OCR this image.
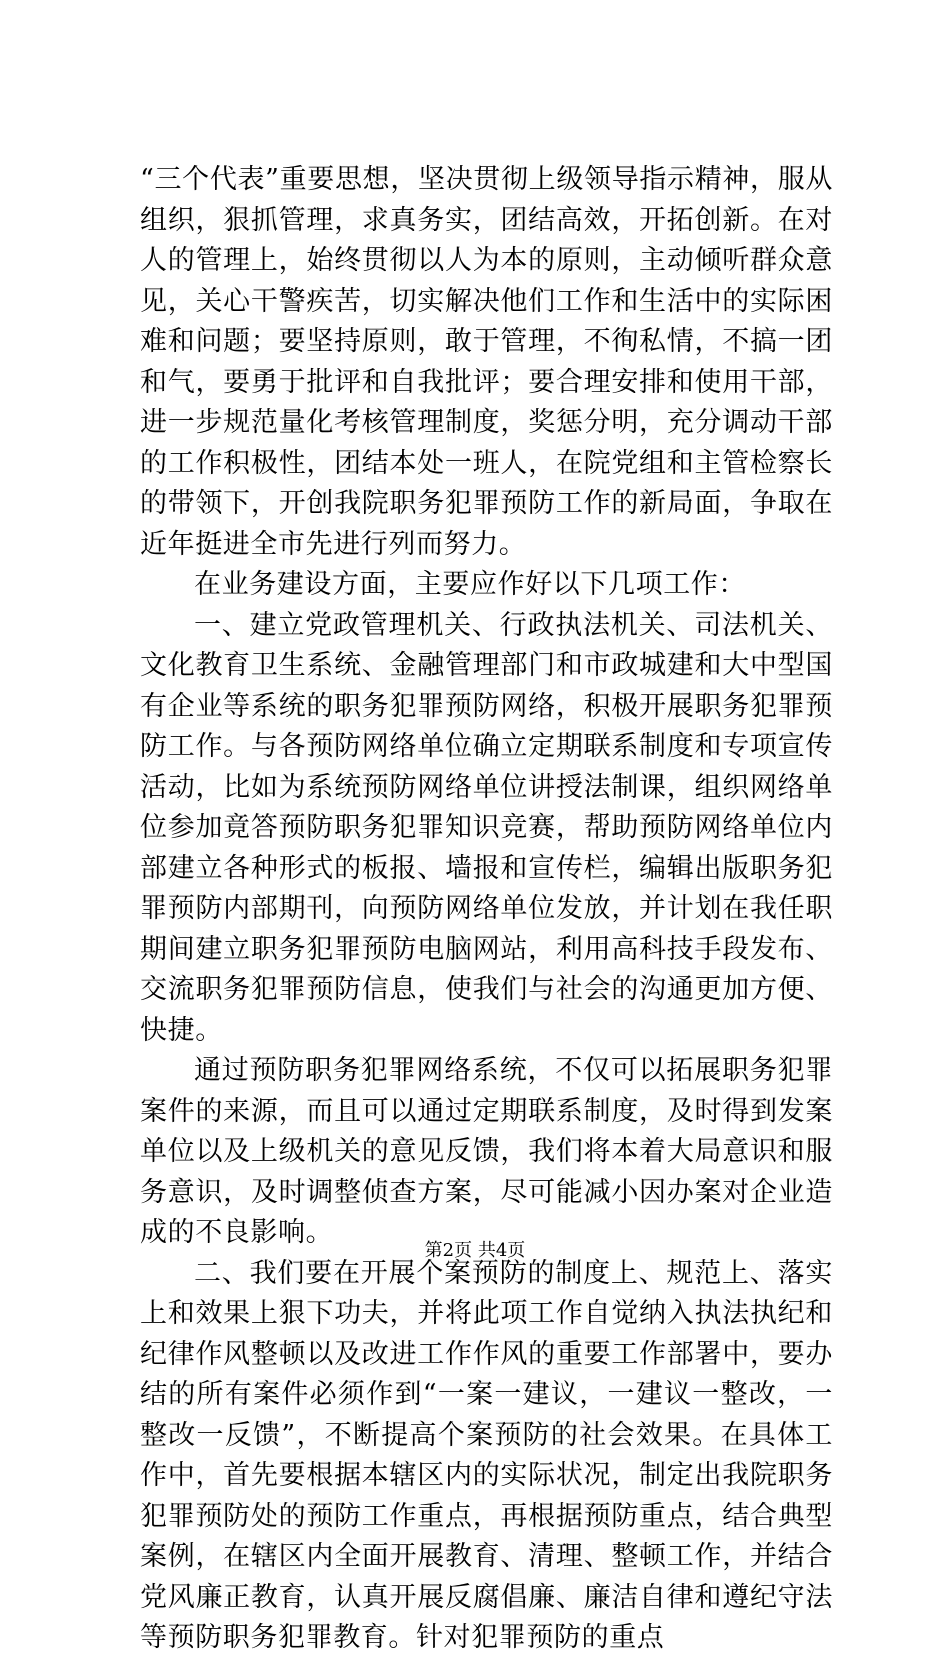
“三个代表”重要思想，坚决贯彻上级领导指示精神，服从组织，狠抓管理，求真务实，团结高效，开拓创新。在对人的管理上，始终贯彻以人为本的原则，主动倾听群众意见，关心干警疾苦，切实解决他们工作和生活中的实际困难和问题；要坚持原则，敢于管理，不徇私情，不搞一团和气，要勇于批评和自我批评；要合理安排和使用干部，进一步规范量化考核管理制度，奖惩分明，充分调动干部的工作积极性，团结本处一班人，在院党组和主管检察长的带领下，开创我院职务犯罪预防工作的新局面，争取在近年挺进全市先进行列而努力。

在业务建设方面，主要应作好以下几项工作：

一、建立党政管理机关、行政执法机关、司法机关、文化教育卫生系统、金融管理部门和市政城建和大中型国有企业等系统的职务犯罪预防网络，积极开展职务犯罪预防工作。与各预防网络单位确立定期联系制度和专项宣传活动，比如为系统预防网络单位讲授法制课，组织网络单位参加竟答预防职务犯罪知识竞赛，帮助预防网络单位内部建立各种形式的板报、墙报和宣传栏，编辑出版职务犯罪预防内部期刊，向预防网络单位发放，并计划在我任职期间建立职务犯罪预防电脑网站，利用高科技手段发布、交流职务犯罪预防信息，使我们与社会的沟通更加方便、快捷。

通过预防职务犯罪网络系统，不仅可以拓展职务犯罪案件的来源，而且可以通过定期联系制度，及时得到发案单位以及上级机关的意见反馈，我们将本着大局意识和服务意识，及时调整侦查方案，尽可能减小因办案对企业造成的不良影响。

二、我们要在开展个案预防的制度上、规范上、落实上和效果上狠下功夫，并将此项工作自觉纳入执法执纪和纪律作风整顿以及改进工作作风的重要工作部署中，要办结的所有案件必须作到“一案一建议，一建议一整改，一整改一反馈”，不断提高个案预防的社会效果。在具体工作中，首先要根据本辖区内的实际状况，制定出我院职务犯罪预防处的预防工作重点，再根据预防重点，结合典型案例，在辖区内全面开展教育、清理、整顿工作，并结合党风廉正教育，认真开展反腐倡廉、廉洁自律和遵纪守法等预防职务犯罪教育。针对犯罪预防的重点

第2页 共4页
